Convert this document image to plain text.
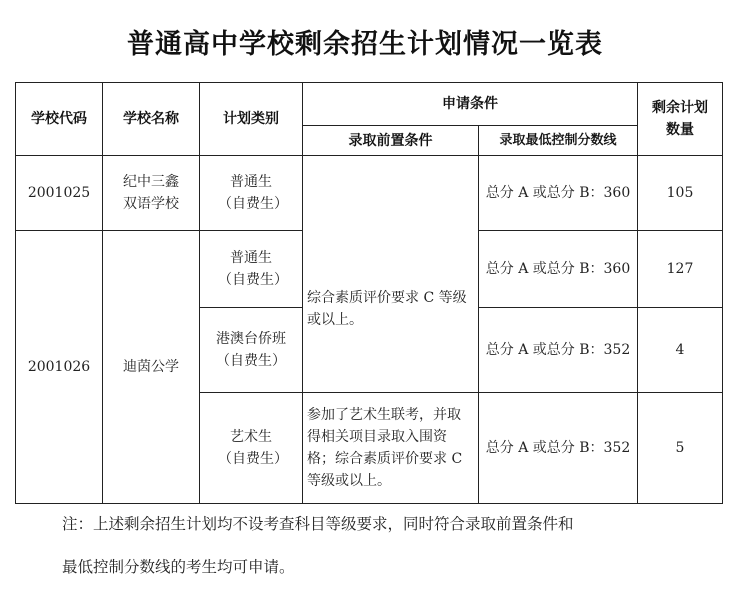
普通高中学校剩余招生计划情况一览表
学校代码	学校名称	计划类别	申请条件		剩余计划数量
			录取前置条件	录取最低控制分数线	
2001025	纪中三鑫双语学校	普通生（自费生）	综合素质评价要求 C 等级或以上。	总分 A 或总分 B：360	105
2001026	迪茵公学	普通生（自费生）		总分 A 或总分 B：360	127
		港澳台侨班（自费生）		总分 A 或总分 B：352	4
		艺术生（自费生）	参加了艺术生联考，并取得相关项目录取入围资格；综合素质评价要求 C 等级或以上。	总分 A 或总分 B：352	5
注：上述剩余招生计划均不设考查科目等级要求，同时符合录取前置条件和
最低控制分数线的考生均可申请。
